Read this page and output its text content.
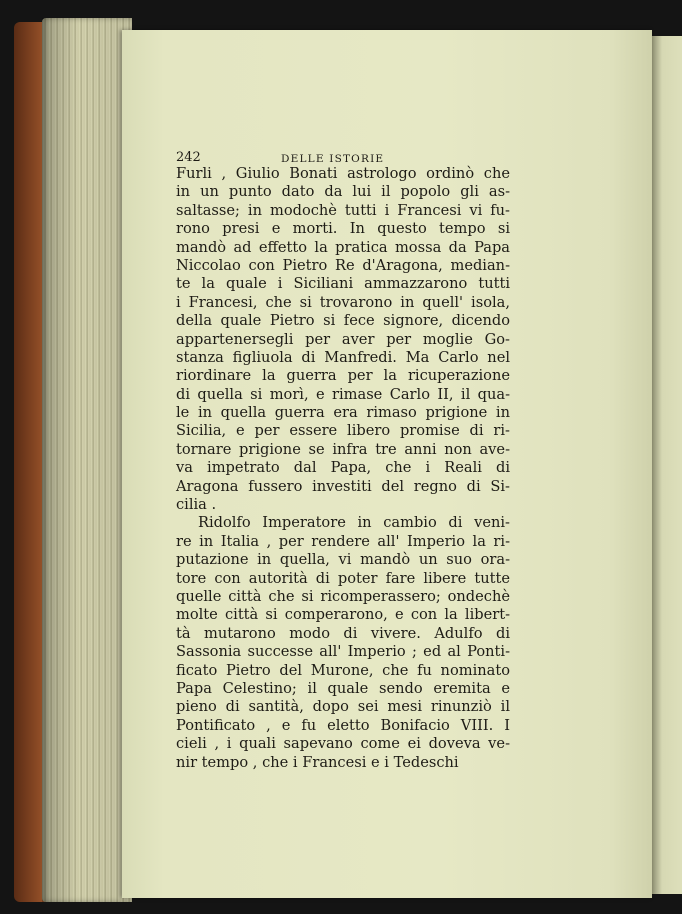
242	DELLE ISTORIE
Furli , Giulio Bonati astrologo ordinò che
in un punto dato da lui il popolo gli as-
saltasse; in modochè tutti i Francesi vi fu-
rono presi e morti. In questo tempo si
mandò ad effetto la pratica mossa da Papa
Niccolao con Pietro Re d'Aragona, median-
te la quale i Siciliani ammazzarono tutti
i Francesi, che si trovarono in quell' isola,
della quale Pietro si fece signore, dicendo
appartenersegli per aver per moglie Go-
stanza figliuola di Manfredi. Ma Carlo nel
riordinare la guerra per la ricuperazione
di quella si morì, e rimase Carlo II, il qua-
le in quella guerra era rimaso prigione in
Sicilia, e per essere libero promise di ri-
tornare prigione se infra tre anni non ave-
va impetrato dal Papa, che i Reali di
Aragona fussero investiti del regno di Si-
cilia .
Ridolfo Imperatore in cambio di veni-
re in Italia , per rendere all' Imperio la ri-
putazione in quella, vi mandò un suo ora-
tore con autorità di poter fare libere tutte
quelle città che si ricomperassero; ondechè
molte città si comperarono, e con la libert-
tà mutarono modo di vivere. Adulfo di
Sassonia successe all' Imperio ; ed al Ponti-
ficato Pietro del Murone, che fu nominato
Papa Celestino; il quale sendo eremita e
pieno di santità, dopo sei mesi rinunziò il
Pontificato , e fu eletto Bonifacio VIII. I
cieli , i quali sapevano come ei doveva ve-
nir tempo , che i Francesi e i Tedeschi
